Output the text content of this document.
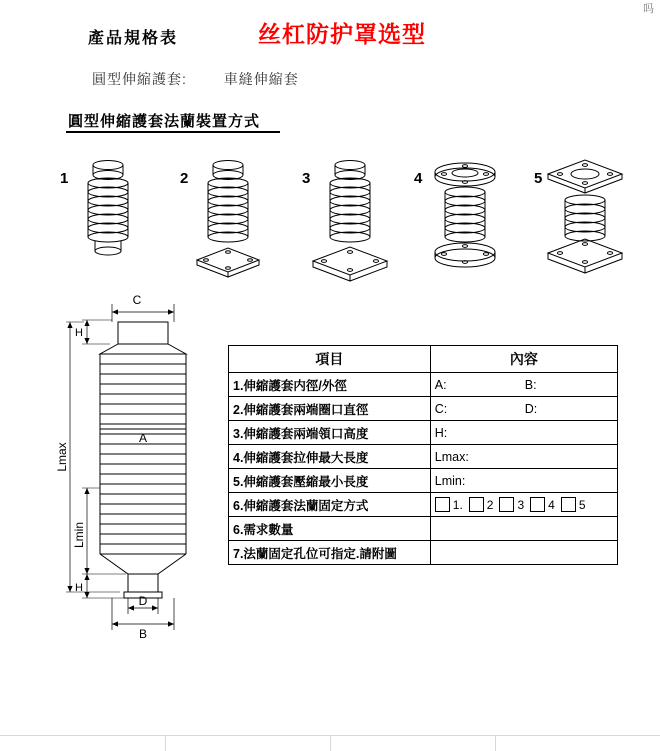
吗
產品規格表	丝杠防护罩选型
圓型伸縮護套:	車縫伸縮套
圓型伸縮護套法蘭裝置方式
1	2	3	4	5
C
H
Lmax
A
Lmin
H
D
B
項目	內容
1.伸縮護套内徑/外徑	A: B:

2.伸縮護套兩端圈口直徑	C: D:

3.伸縮護套兩端領口高度	H:
4.伸縮護套拉伸最大長度	Lmax:
5.伸縮護套壓縮最小長度	Lmin:
6.伸縮護套法蘭固定方式	1. 2 3 4 5

6.需求數量	
7.法蘭固定孔位可指定.請附圖	
